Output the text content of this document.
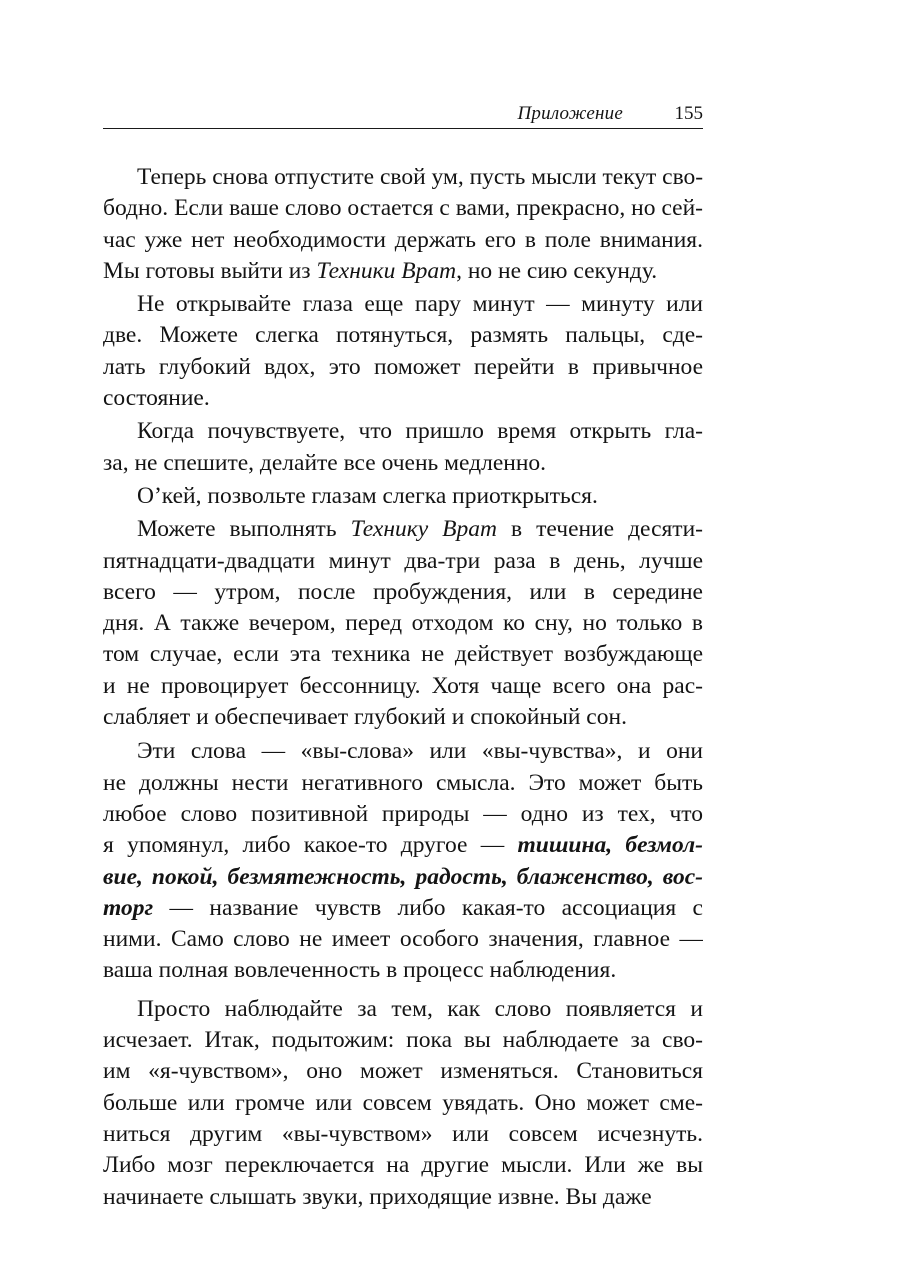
Приложение	155
Теперь снова отпустите свой ум, пусть мысли текут сво-
бодно. Если ваше слово остается с вами, прекрасно, но сей-
час уже нет необходимости держать его в поле внимания.
Мы готовы выйти из Техники Врат, но не сию секунду.
Не открывайте глаза еще пару минут — минуту или
две. Можете слегка потянуться, размять пальцы, сде-
лать глубокий вдох, это поможет перейти в привычное
состояние.
Когда почувствуете, что пришло время открыть гла-
за, не спешите, делайте все очень медленно.
О’кей, позвольте глазам слегка приоткрыться.
Можете выполнять Технику Врат в течение десяти-
пятнадцати-двадцати минут два-три раза в день, лучше
всего — утром, после пробуждения, или в середине
дня. А также вечером, перед отходом ко сну, но только в
том случае, если эта техника не действует возбуждающе
и не провоцирует бессонницу. Хотя чаще всего она рас-
слабляет и обеспечивает глубокий и спокойный сон.
Эти слова — «вы-слова» или «вы-чувства», и они
не должны нести негативного смысла. Это может быть
любое слово позитивной природы — одно из тех, что
я упомянул, либо какое-то другое — тишина, безмол-
вие, покой, безмятежность, радость, блаженство, вос-
торг — название чувств либо какая-то ассоциация с
ними. Само слово не имеет особого значения, главное —
ваша полная вовлеченность в процесс наблюдения.
Просто наблюдайте за тем, как слово появляется и
исчезает. Итак, подытожим: пока вы наблюдаете за сво-
им «я-чувством», оно может изменяться. Становиться
больше или громче или совсем увядать. Оно может сме-
ниться другим «вы-чувством» или совсем исчезнуть.
Либо мозг переключается на другие мысли. Или же вы
начинаете слышать звуки, приходящие извне. Вы даже
